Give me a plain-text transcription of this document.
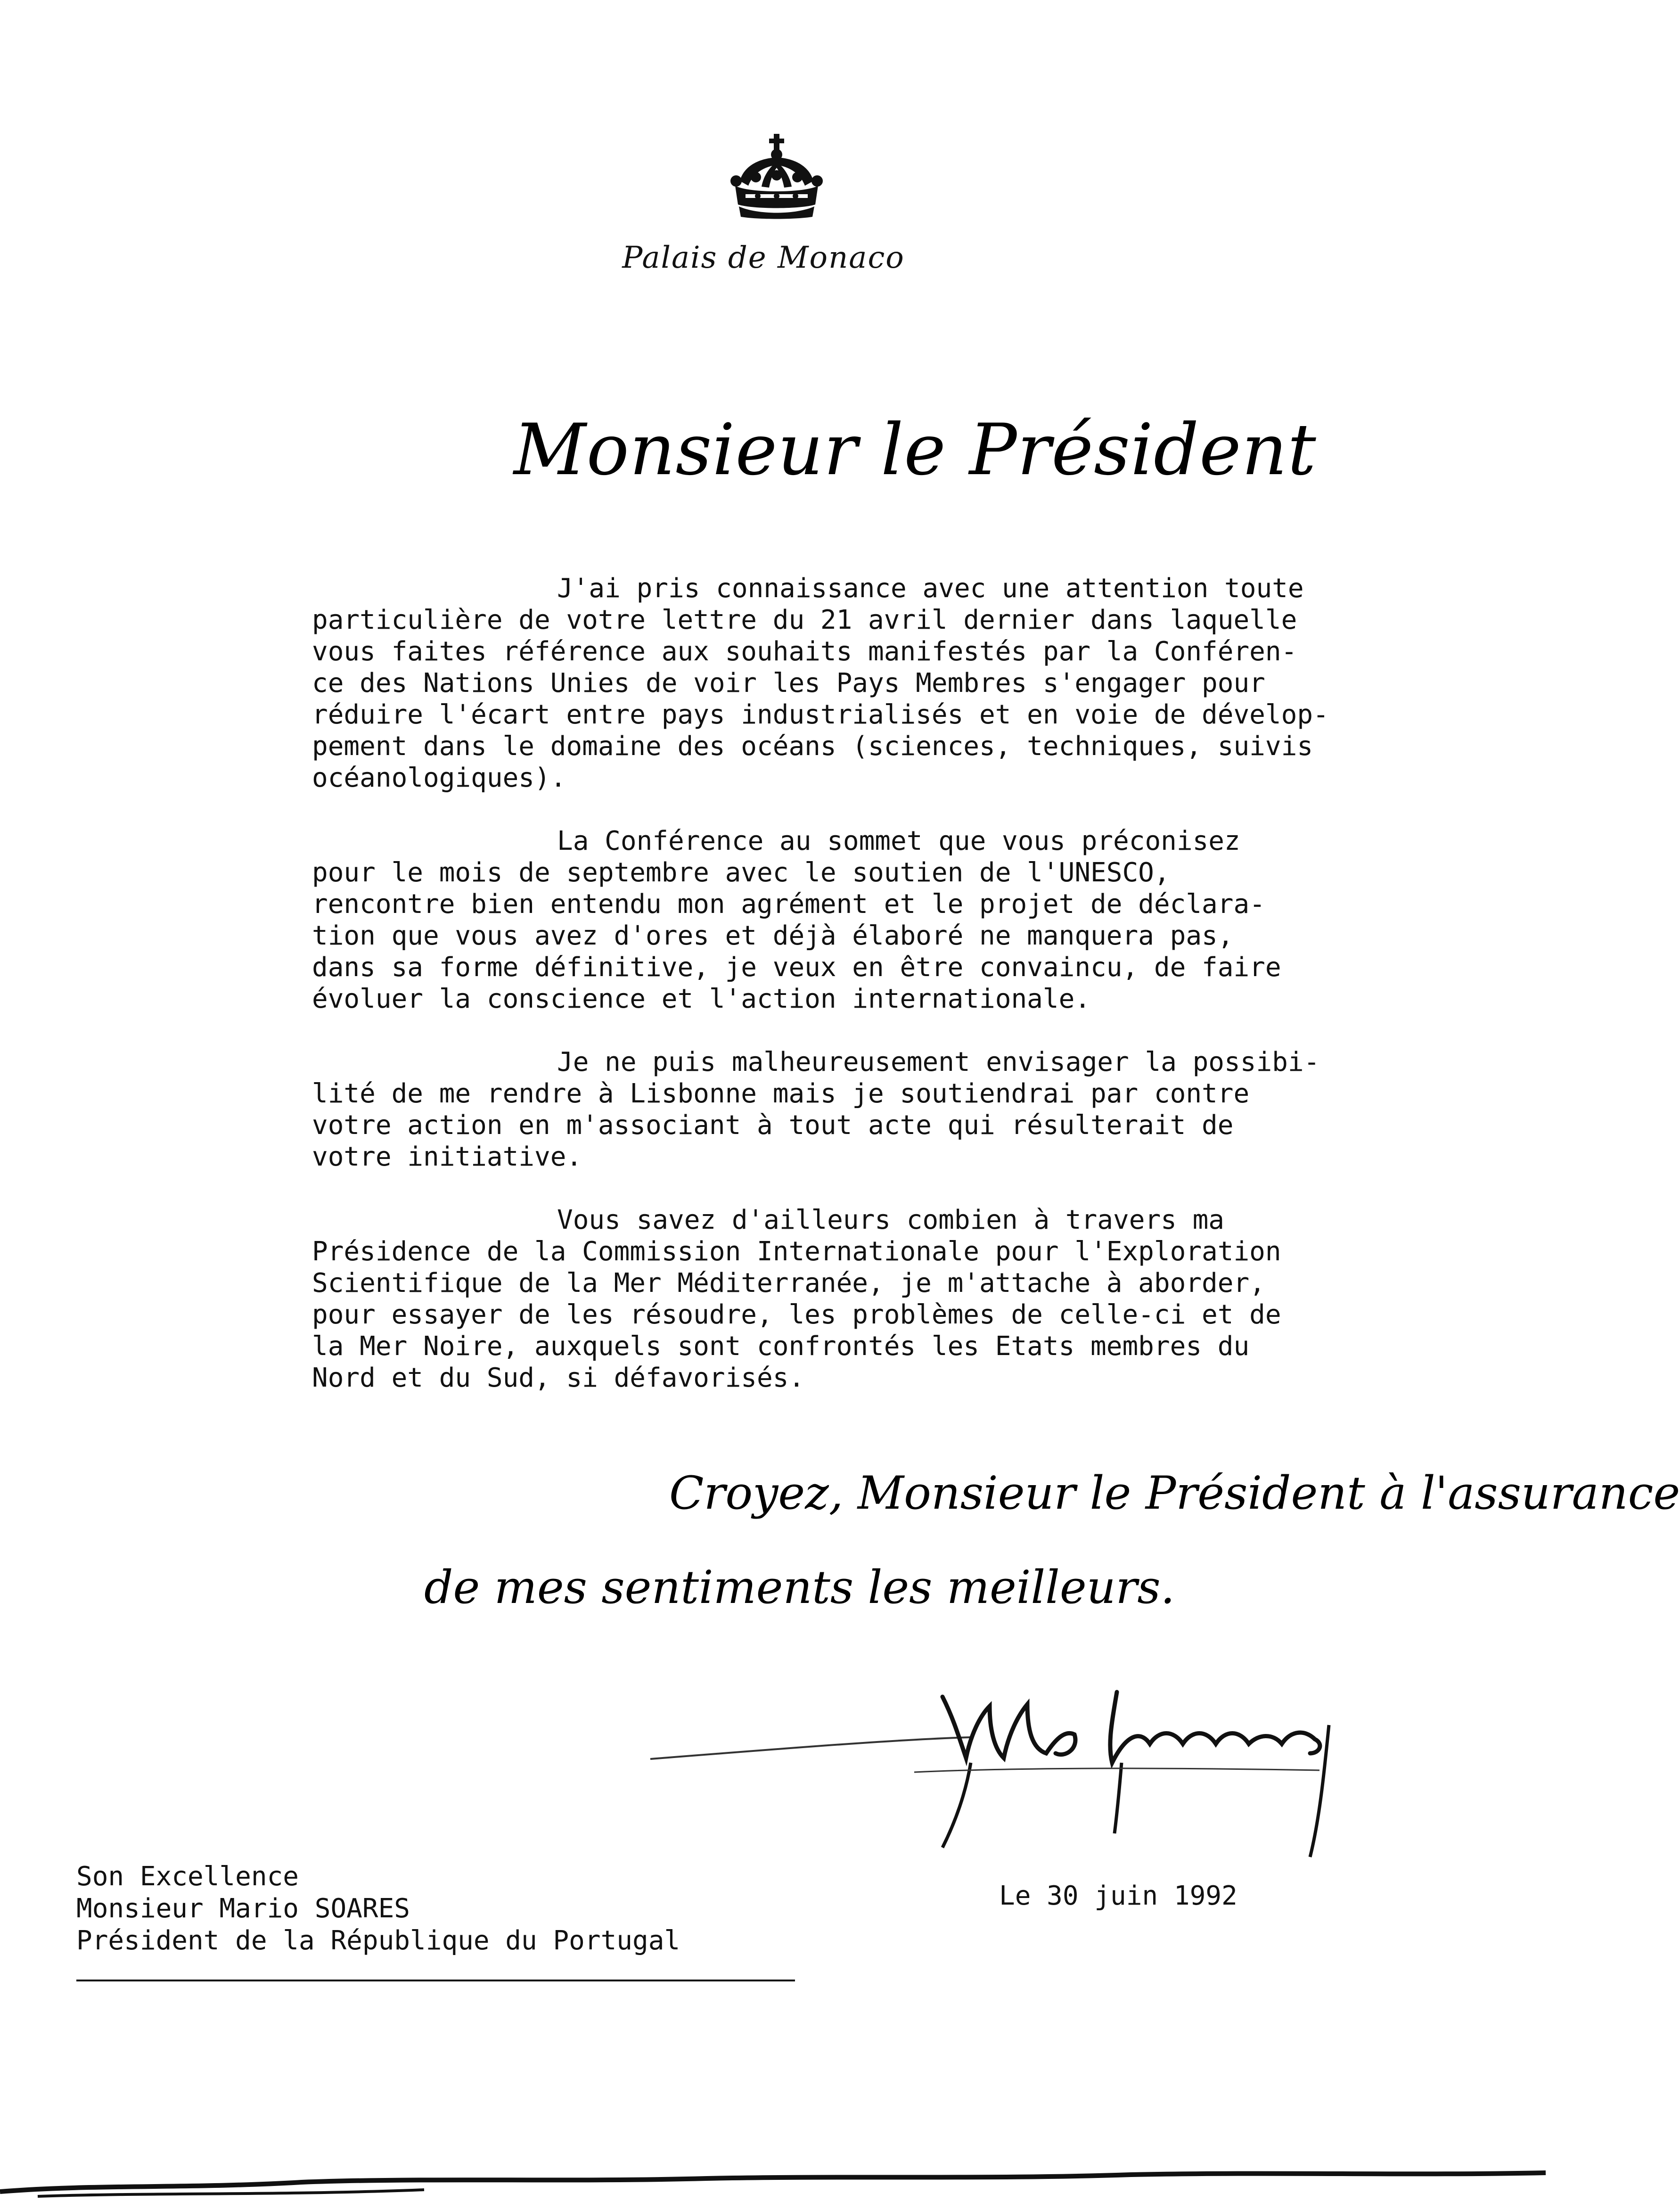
Palais de Monaco
Monsieur le Président
J'ai pris connaissance avec une attention toute
particulière de votre lettre du 21 avril dernier dans laquelle
vous faites référence aux souhaits manifestés par la Conféren-
ce des Nations Unies de voir les Pays Membres s'engager pour
réduire l'écart entre pays industrialisés et en voie de dévelop-
pement dans le domaine des océans (sciences, techniques, suivis
océanologiques).
La Conférence au sommet que vous préconisez
pour le mois de septembre avec le soutien de l'UNESCO,
rencontre bien entendu mon agrément et le projet de déclara-
tion que vous avez d'ores et déjà élaboré ne manquera pas,
dans sa forme définitive, je veux en être convaincu, de faire
évoluer la conscience et l'action internationale.
Je ne puis malheureusement envisager la possibi-
lité de me rendre à Lisbonne mais je soutiendrai par contre
votre action en m'associant à tout acte qui résulterait de
votre initiative.
Vous savez d'ailleurs combien à travers ma
Présidence de la Commission Internationale pour l'Exploration
Scientifique de la Mer Méditerranée, je m'attache à aborder,
pour essayer de les résoudre, les problèmes de celle-ci et de
la Mer Noire, auxquels sont confrontés les Etats membres du
Nord et du Sud, si défavorisés.
Croyez, Monsieur le Président à l'assurance
de mes sentiments les meilleurs.
Le 30 juin 1992
Son Excellence
Monsieur Mario SOARES
Président de la République du Portugal
